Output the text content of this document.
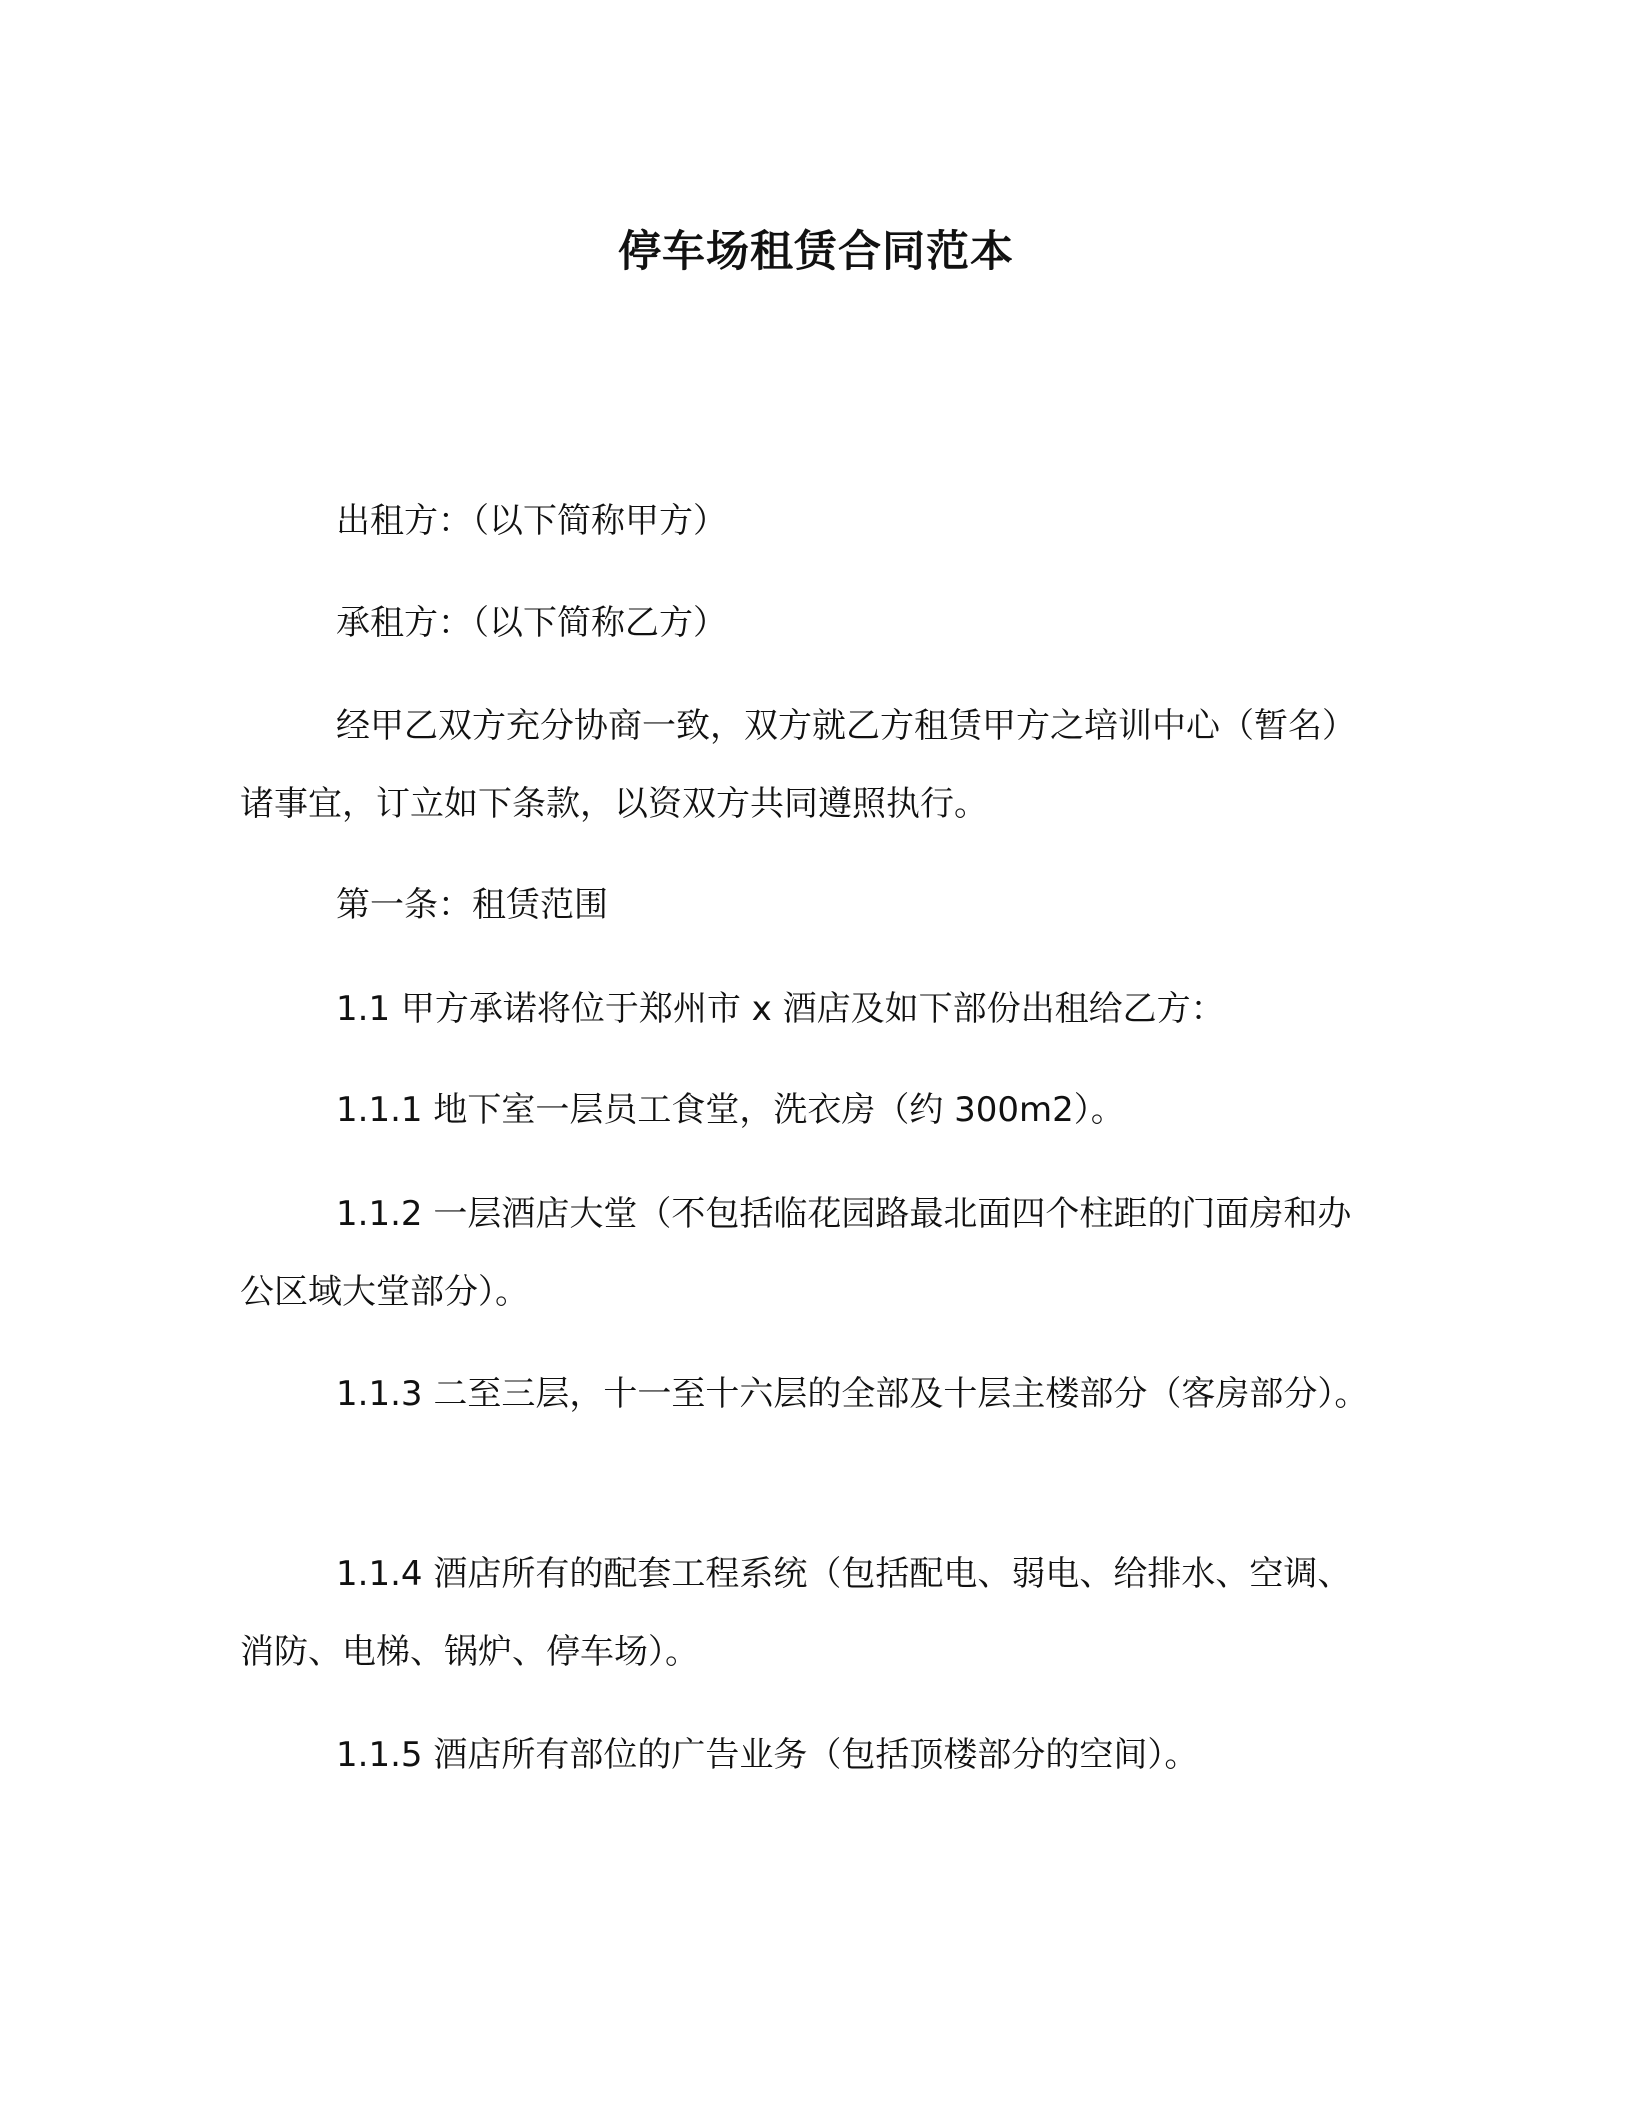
停车场租赁合同范本

出租方：（以下简称甲方）

承租方：（以下简称乙方）

经甲乙双方充分协商一致，双方就乙方租赁甲方之培训中心（暂名）诸事宜，订立如下条款，以资双方共同遵照执行。

第一条：租赁范围

1.1 甲方承诺将位于郑州市 x 酒店及如下部份出租给乙方：

1.1.1 地下室一层员工食堂，洗衣房（约 300m2）。

1.1.2 一层酒店大堂（不包括临花园路最北面四个柱距的门面房和办公区域大堂部分）。

1.1.3 二至三层，十一至十六层的全部及十层主楼部分（客房部分）。

1.1.4 酒店所有的配套工程系统（包括配电、弱电、给排水、空调、消防、电梯、锅炉、停车场）。

1.1.5 酒店所有部位的广告业务（包括顶楼部分的空间）。
